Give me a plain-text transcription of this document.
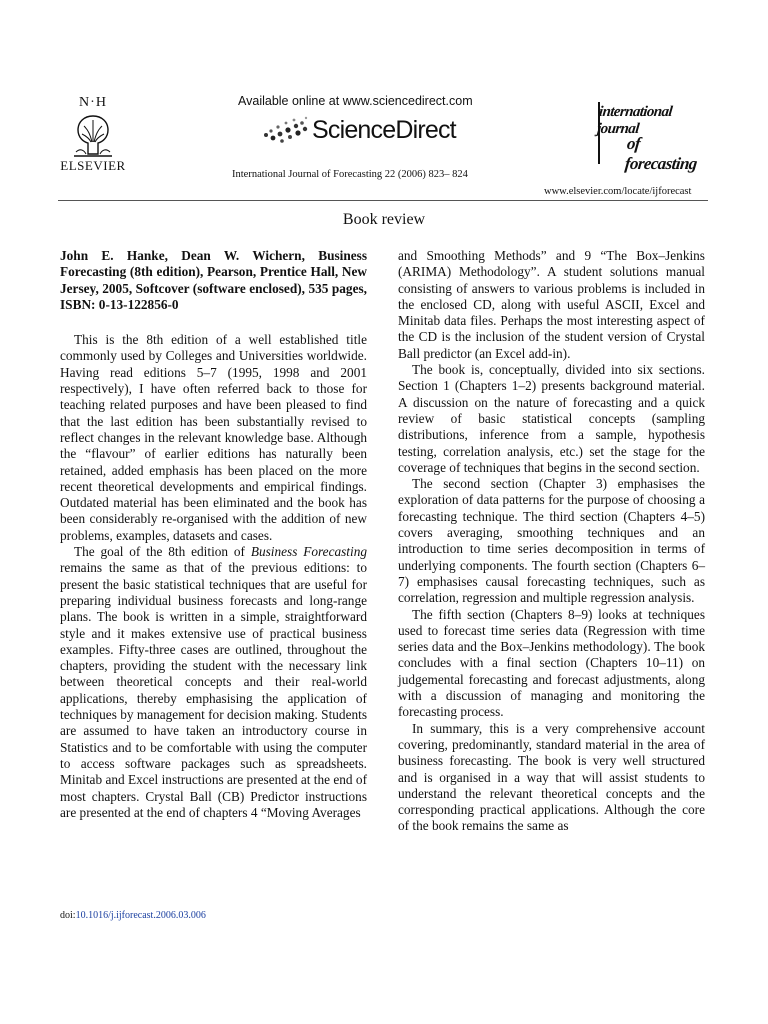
N·H
ELSEVIER
Available online at www.sciencedirect.com
ScienceDirect
International Journal of Forecasting 22 (2006) 823– 824
international journal
of forecasting
www.elsevier.com/locate/ijforecast
Book review

John E. Hanke, Dean W. Wichern, Business Forecasting (8th edition), Pearson, Prentice Hall, New Jersey, 2005, Softcover (software enclosed), 535 pages, ISBN: 0-13-122856-0

This is the 8th edition of a well established title commonly used by Colleges and Universities worldwide. Having read editions 5–7 (1995, 1998 and 2001 respectively), I have often referred back to those for teaching related purposes and have been pleased to find that the last edition has been substantially revised to reflect changes in the relevant knowledge base. Although the “flavour” of earlier editions has naturally been retained, added emphasis has been placed on the more recent theoretical developments and empirical findings. Outdated material has been eliminated and the book has been considerably re-organised with the addition of new problems, examples, datasets and cases.

The goal of the 8th edition of Business Forecasting remains the same as that of the previous editions: to present the basic statistical techniques that are useful for preparing individual business forecasts and long-range plans. The book is written in a simple, straightforward style and it makes extensive use of practical business examples. Fifty-three cases are outlined, throughout the chapters, providing the student with the necessary link between theoretical concepts and their real-world applications, thereby emphasising the application of techniques by management for decision making. Students are assumed to have taken an introductory course in Statistics and to be comfortable with using the computer to access software packages such as spreadsheets. Minitab and Excel instructions are presented at the end of most chapters. Crystal Ball (CB) Predictor instructions are presented at the end of chapters 4 “Moving Averages

and Smoothing Methods” and 9 “The Box–Jenkins (ARIMA) Methodology”. A student solutions manual consisting of answers to various problems is included in the enclosed CD, along with useful ASCII, Excel and Minitab data files. Perhaps the most interesting aspect of the CD is the inclusion of the student version of Crystal Ball predictor (an Excel add-in).

The book is, conceptually, divided into six sections. Section 1 (Chapters 1–2) presents background material. A discussion on the nature of forecasting and a quick review of basic statistical concepts (sampling distributions, inference from a sample, hypothesis testing, correlation analysis, etc.) set the stage for the coverage of techniques that begins in the second section.

The second section (Chapter 3) emphasises the exploration of data patterns for the purpose of choosing a forecasting technique. The third section (Chapters 4–5) covers averaging, smoothing techniques and an introduction to time series decomposition in terms of underlying components. The fourth section (Chapters 6–7) emphasises causal forecasting techniques, such as correlation, regression and multiple regression analysis.

The fifth section (Chapters 8–9) looks at techniques used to forecast time series data (Regression with time series data and the Box–Jenkins methodology). The book concludes with a final section (Chapters 10–11) on judgemental forecasting and forecast adjustments, along with a discussion of managing and monitoring the forecasting process.

In summary, this is a very comprehensive account covering, predominantly, standard material in the area of business forecasting. The book is very well structured and is organised in a way that will assist students to understand the relevant theoretical concepts and the corresponding practical applications. Although the core of the book remains the same as

doi:10.1016/j.ijforecast.2006.03.006
